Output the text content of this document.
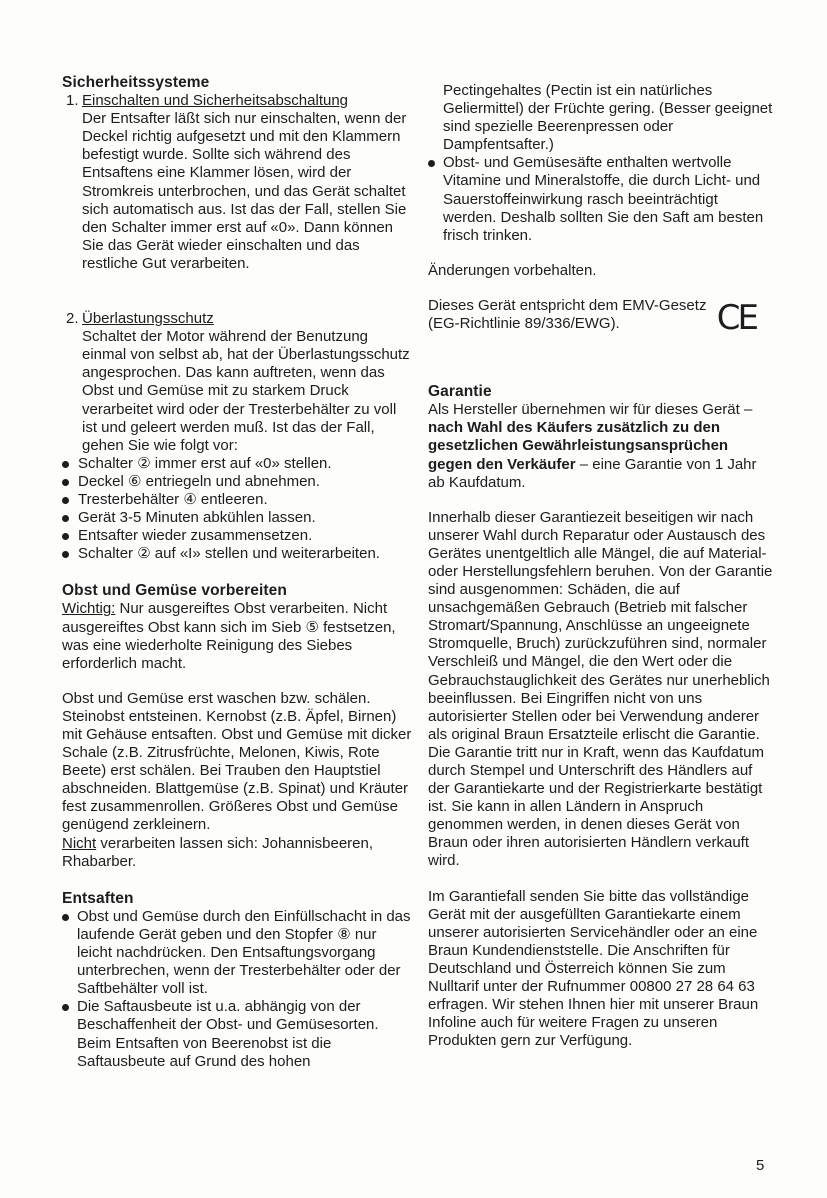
Sicherheitssysteme
1. Einschalten und Sicherheitsabschaltung

Der Entsafter läßt sich nur einschalten, wenn der Deckel richtig aufgesetzt und mit den Klammern befestigt wurde. Sollte sich während des Entsaftens eine Klammer lösen, wird der Stromkreis unterbrochen, und das Gerät schaltet sich automatisch aus. Ist das der Fall, stellen Sie den Schalter immer erst auf «0». Dann können Sie das Gerät wieder einschalten und das restliche Gut verarbeiten.

2. Überlastungsschutz

Schaltet der Motor während der Benutzung einmal von selbst ab, hat der Überlastungsschutz angesprochen. Das kann auftreten, wenn das Obst und Gemüse mit zu starkem Druck verarbeitet wird oder der Tresterbehälter zu voll ist und geleert werden muß. Ist das der Fall, gehen Sie wie folgt vor:

Schalter ② immer erst auf «0» stellen.
Deckel ⑥ entriegeln und abnehmen.
Tresterbehälter ④ entleeren.
Gerät 3-5 Minuten abkühlen lassen.
Entsafter wieder zusammensetzen.
Schalter ② auf «I» stellen und weiterarbeiten.
Obst und Gemüse vorbereiten

Wichtig: Nur ausgereiftes Obst verarbeiten. Nicht ausgereiftes Obst kann sich im Sieb ⑤ festsetzen, was eine wiederholte Reinigung des Siebes erforderlich macht.

Obst und Gemüse erst waschen bzw. schälen. Steinobst entsteinen. Kernobst (z.B. Äpfel, Birnen) mit Gehäuse entsaften. Obst und Gemüse mit dicker Schale (z.B. Zitrusfrüchte, Melonen, Kiwis, Rote Beete) erst schälen. Bei Trauben den Hauptstiel abschneiden. Blattgemüse (z.B. Spinat) und Kräuter fest zusammenrollen. Größeres Obst und Gemüse genügend zerkleinern.

Nicht verarbeiten lassen sich: Johannisbeeren, Rhabarber.

Entsaften
Obst und Gemüse durch den Einfüllschacht in das laufende Gerät geben und den Stopfer ⑧ nur leicht nachdrücken. Den Entsaftungsvorgang unterbrechen, wenn der Tresterbehälter oder der Saftbehälter voll ist.
Die Saftausbeute ist u.a. abhängig von der Beschaffenheit der Obst- und Gemüsesorten. Beim Entsaften von Beerenobst ist die Saftausbeute auf Grund des hohen

Pectingehaltes (Pectin ist ein natürliches Geliermittel) der Früchte gering. (Besser geeignet sind spezielle Beerenpressen oder Dampfentsafter.)

Obst- und Gemüsesäfte enthalten wertvolle Vitamine und Mineralstoffe, die durch Licht- und Sauerstoffeinwirkung rasch beeinträchtigt werden. Deshalb sollten Sie den Saft am besten frisch trinken.

Änderungen vorbehalten.

Dieses Gerät entspricht dem EMV-Gesetz (EG-Richtlinie 89/336/EWG).	CE
Garantie

Als Hersteller übernehmen wir für dieses Gerät – nach Wahl des Käufers zusätzlich zu den gesetzlichen Gewährleistungsansprüchen gegen den Verkäufer – eine Garantie von 1 Jahr ab Kaufdatum.

Innerhalb dieser Garantiezeit beseitigen wir nach unserer Wahl durch Reparatur oder Austausch des Gerätes unentgeltlich alle Mängel, die auf Material- oder Herstellungsfehlern beruhen. Von der Garantie sind ausgenommen: Schäden, die auf unsachgemäßen Gebrauch (Betrieb mit falscher Stromart/Spannung, Anschlüsse an ungeeignete Stromquelle, Bruch) zurückzuführen sind, normaler Verschleiß und Mängel, die den Wert oder die Gebrauchstauglichkeit des Gerätes nur unerheblich beeinflussen. Bei Eingriffen nicht von uns autorisierter Stellen oder bei Verwendung anderer als original Braun Ersatzteile erlischt die Garantie. Die Garantie tritt nur in Kraft, wenn das Kaufdatum durch Stempel und Unterschrift des Händlers auf der Garantiekarte und der Registrierkarte bestätigt ist. Sie kann in allen Ländern in Anspruch genommen werden, in denen dieses Gerät von Braun oder ihren autorisierten Händlern verkauft wird.

Im Garantiefall senden Sie bitte das vollständige Gerät mit der ausgefüllten Garantiekarte einem unserer autorisierten Servicehändler oder an eine Braun Kundendienststelle. Die Anschriften für Deutschland und Österreich können Sie zum Nulltarif unter der Rufnummer 00800 27 28 64 63 erfragen. Wir stehen Ihnen hier mit unserer Braun Infoline auch für weitere Fragen zu unseren Produkten gern zur Verfügung.

5
